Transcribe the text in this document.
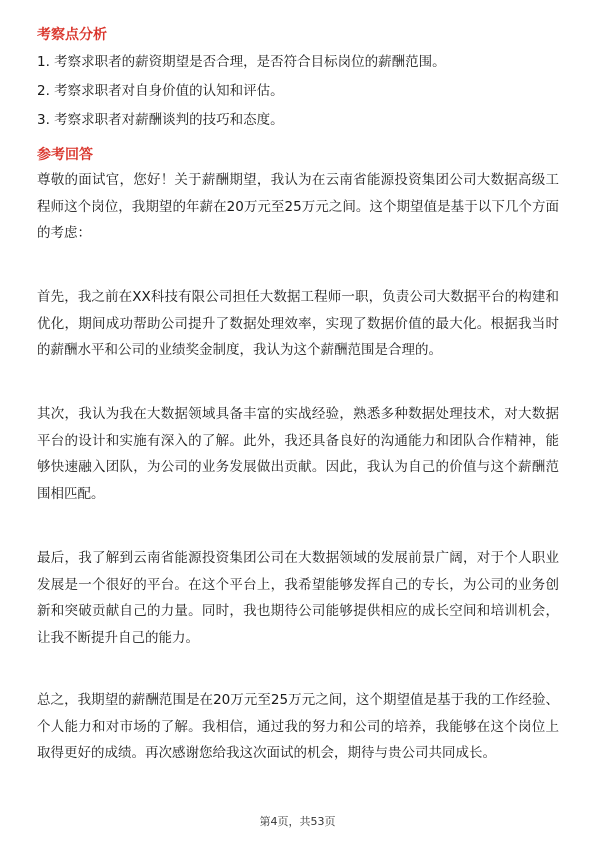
考察点分析
1. 考察求职者的薪资期望是否合理，是否符合目标岗位的薪酬范围。
2. 考察求职者对自身价值的认知和评估。
3. 考察求职者对薪酬谈判的技巧和态度。
参考回答
尊敬的面试官，您好！关于薪酬期望，我认为在云南省能源投资集团公司大数据高级工程师这个岗位，我期望的年薪在20万元至25万元之间。这个期望值是基于以下几个方面的考虑：
首先，我之前在XX科技有限公司担任大数据工程师一职，负责公司大数据平台的构建和优化，期间成功帮助公司提升了数据处理效率，实现了数据价值的最大化。根据我当时的薪酬水平和公司的业绩奖金制度，我认为这个薪酬范围是合理的。
其次，我认为我在大数据领域具备丰富的实战经验，熟悉多种数据处理技术，对大数据平台的设计和实施有深入的了解。此外，我还具备良好的沟通能力和团队合作精神，能够快速融入团队，为公司的业务发展做出贡献。因此，我认为自己的价值与这个薪酬范围相匹配。
最后，我了解到云南省能源投资集团公司在大数据领域的发展前景广阔，对于个人职业发展是一个很好的平台。在这个平台上，我希望能够发挥自己的专长，为公司的业务创新和突破贡献自己的力量。同时，我也期待公司能够提供相应的成长空间和培训机会，让我不断提升自己的能力。
总之，我期望的薪酬范围是在20万元至25万元之间，这个期望值是基于我的工作经验、个人能力和对市场的了解。我相信，通过我的努力和公司的培养，我能够在这个岗位上取得更好的成绩。再次感谢您给我这次面试的机会，期待与贵公司共同成长。
第4页，共53页
